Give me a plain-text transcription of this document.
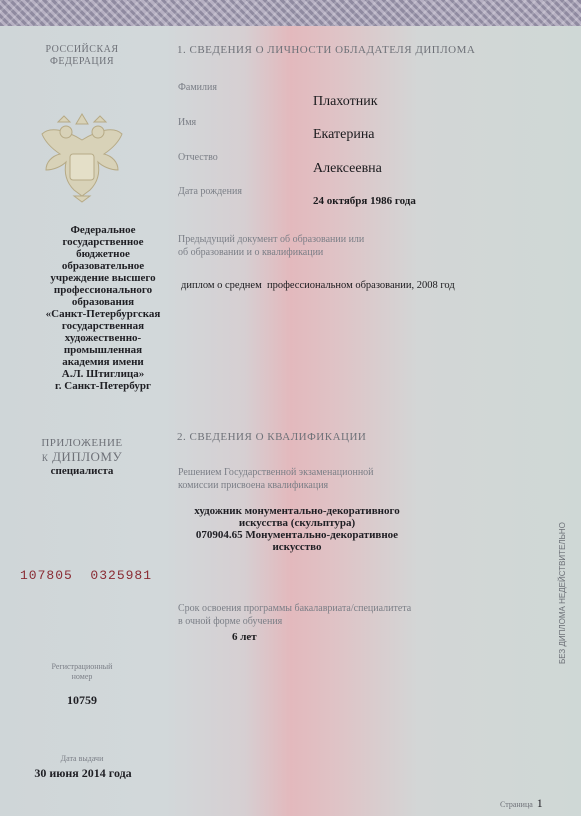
РОССИЙСКАЯ
ФЕДЕРАЦИЯ
Федеральное
государственное
бюджетное
образовательное
учреждение высшего
профессионального
образования
«Санкт-Петербургская
государственная
художественно-
промышленная
академия имени
А.Л. Штиглица»
г. Санкт-Петербург
ПРИЛОЖЕНИЕ
к ДИПЛОМУ
специалиста
107805  0325981
Регистрационный
номер
10759
Дата выдачи
30 июня 2014 года
1. СВЕДЕНИЯ О ЛИЧНОСТИ ОБЛАДАТЕЛЯ ДИПЛОМА
Фамилия
Плахотник
Имя
Екатерина
Отчество
Алексеевна
Дата рождения
24 октября 1986 года
Предыдущий документ об образовании или
об образовании и о квалификации
диплом о среднем  профессиональном образовании, 2008 год
2. СВЕДЕНИЯ О КВАЛИФИКАЦИИ
Решением Государственной экзаменационной
комиссии присвоена квалификация
художник монументально-декоративного
искусства (скульптура)
070904.65 Монументально-декоративное
искусство
Срок освоения программы бакалавриата/специалитета
в очной форме обучения
6 лет
Страница 1
БЕЗ ДИПЛОМА НЕДЕЙСТВИТЕЛЬНО
